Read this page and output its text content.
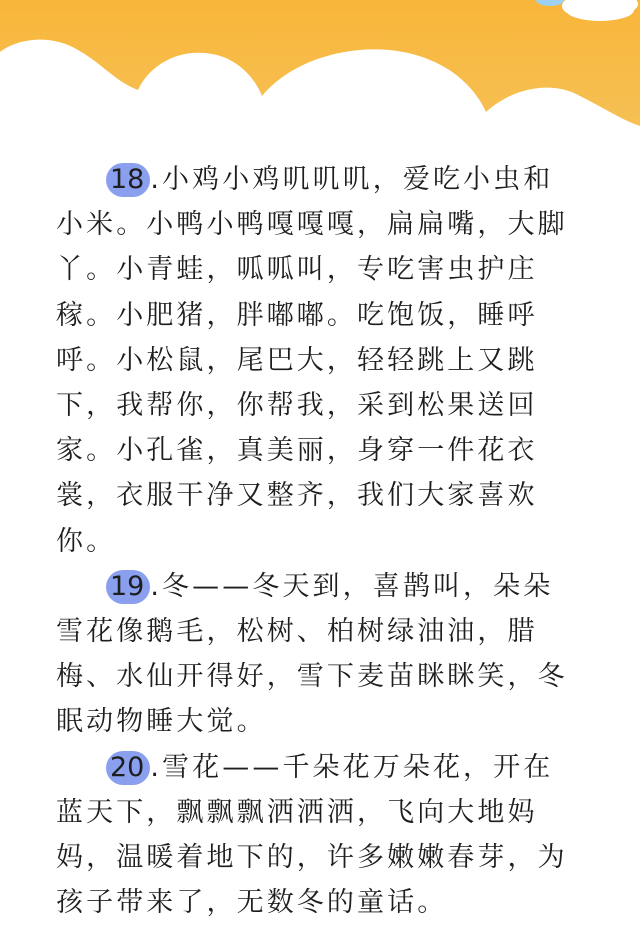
18 .小鸡小鸡叽叽叽，爱吃小虫和小米。小鸭小鸭嘎嘎嘎，扁扁嘴，大脚丫。小青蛙，呱呱叫，专吃害虫护庄稼。小肥猪，胖嘟嘟。吃饱饭，睡呼呼。小松鼠，尾巴大，轻轻跳上又跳下，我帮你，你帮我，采到松果送回家。小孔雀，真美丽，身穿一件花衣裳，衣服干净又整齐，我们大家喜欢你。

19 .冬——冬天到，喜鹊叫，朵朵雪花像鹅毛，松树、柏树绿油油，腊梅、水仙开得好，雪下麦苗眯眯笑，冬眠动物睡大觉。

20 .雪花——千朵花万朵花，开在蓝天下，飘飘飘洒洒洒，飞向大地妈妈，温暖着地下的，许多嫩嫩春芽，为孩子带来了，无数冬的童话。
